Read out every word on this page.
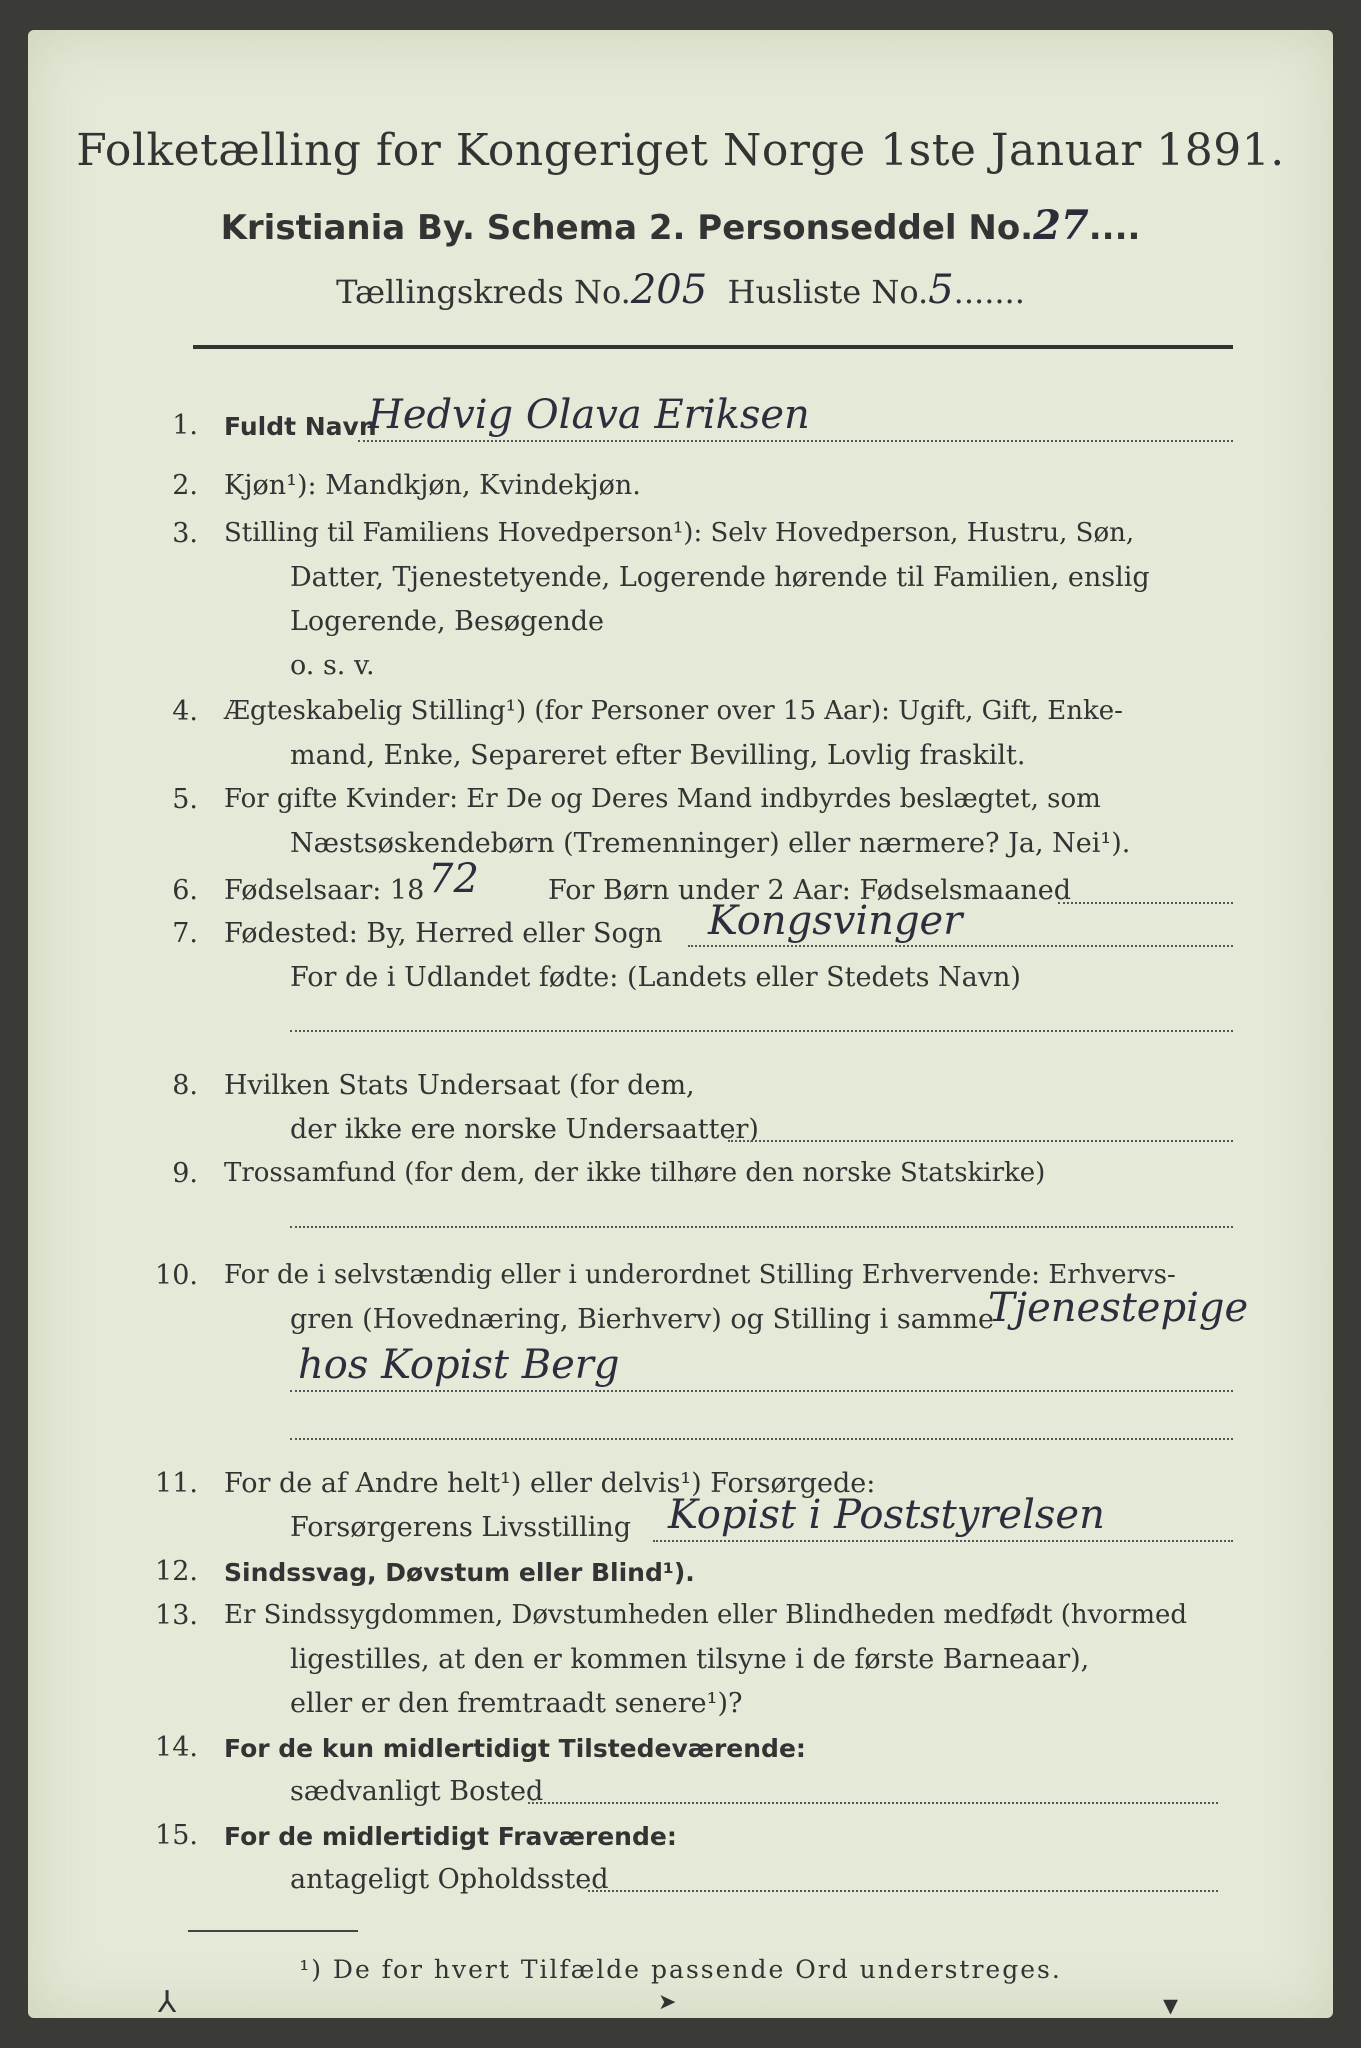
Folketælling for Kongeriget Norge 1ste Januar 1891.
Kristiania By. Schema 2. Personseddel No.27....
Tællingskreds No.205 Husliste No.5.......
1. Fuldt Navn
Hedvig Olava Eriksen
2. Kjøn¹): Mandkjøn, Kvindekjøn.
3. Stilling til Familiens Hovedperson¹): Selv Hovedperson, Hustru, Søn,
Datter, Tjenestetyende, Logerende hørende til Familien, enslig
Logerende, Besøgende
o. s. v.
4. Ægteskabelig Stilling¹) (for Personer over 15 Aar): Ugift, Gift, Enke-
mand, Enke, Separeret efter Bevilling, Lovlig fraskilt.
5. For gifte Kvinder: Er De og Deres Mand indbyrdes beslægtet, som
Næstsøskendebørn (Tremenninger) eller nærmere? Ja, Nei¹).
6. Fødselsaar: 18 72	For Børn under 2 Aar: Fødselsmaaned
7. Fødested: By, Herred eller Sogn Kongsvinger
For de i Udlandet fødte: (Landets eller Stedets Navn)
8. Hvilken Stats Undersaat (for dem,
der ikke ere norske Undersaatter)
9. Trossamfund (for dem, der ikke tilhøre den norske Statskirke)
10. For de i selvstændig eller i underordnet Stilling Erhvervende: Erhvervs-
gren (Hovednæring, Bierhverv) og Stilling i samme
Tjenestepige
hos Kopist Berg
11. For de af Andre helt¹) eller delvis¹) Forsørgede:
Forsørgerens Livsstilling Kopist i Poststyrelsen
12. Sindssvag, Døvstum eller Blind¹).
13. Er Sindssygdommen, Døvstumheden eller Blindheden medfødt (hvormed
ligestilles, at den er kommen tilsyne i de første Barneaar),
eller er den fremtraadt senere¹)?
14. For de kun midlertidigt Tilstedeværende:
sædvanligt Bosted
15. For de midlertidigt Fraværende:
antageligt Opholdssted
¹) De for hvert Tilfælde passende Ord understreges.
⅄	➤	▾
